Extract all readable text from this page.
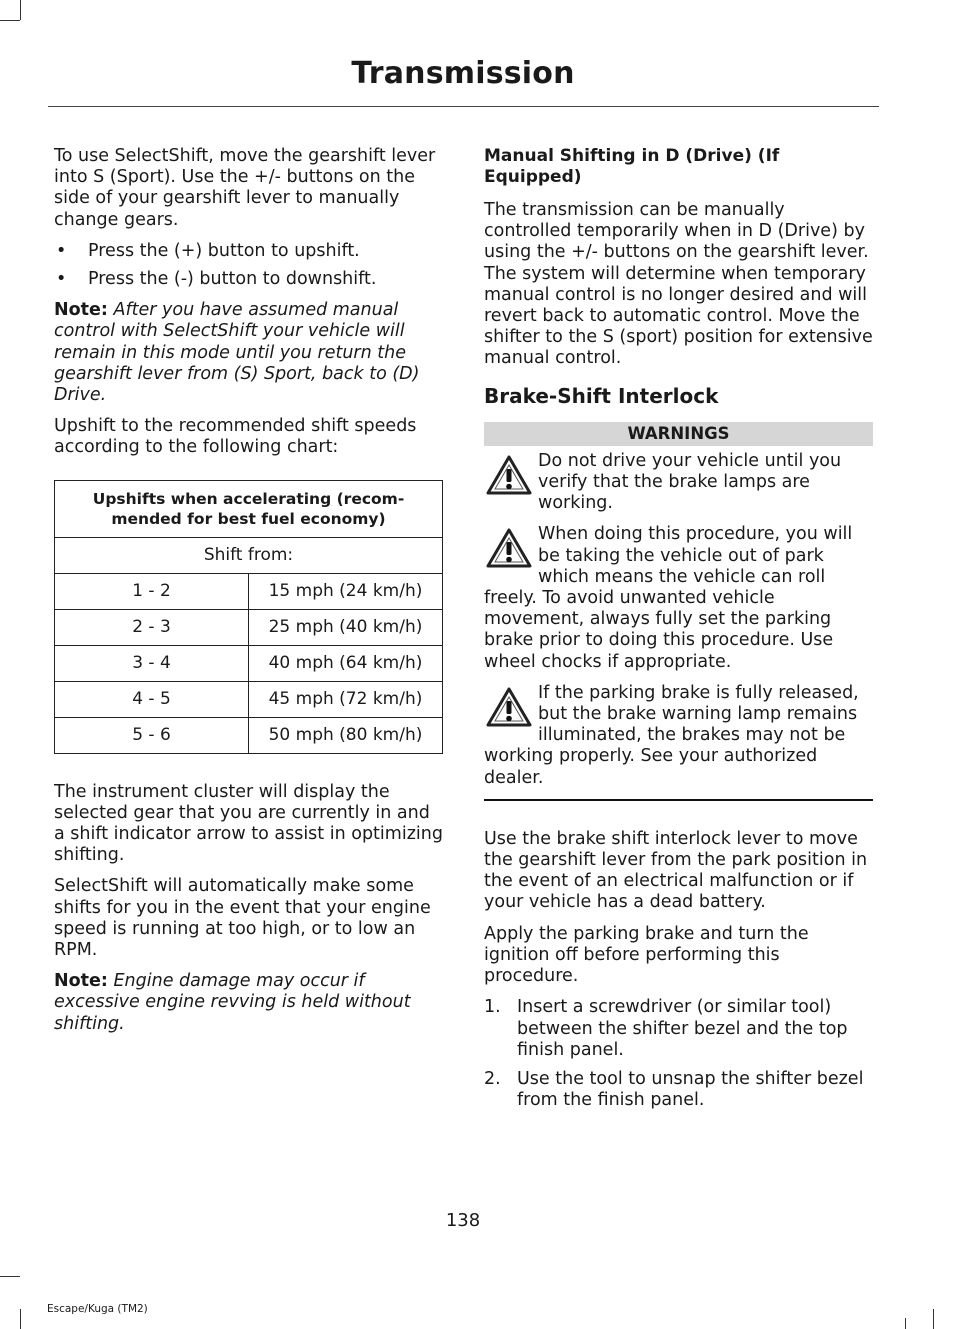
Transmission

To use SelectShift, move the gearshift lever into S (Sport). Use the +/- buttons on the side of your gearshift lever to manually change gears.

• Press the (+) button to upshift.
• Press the (-) button to downshift.

Note: After you have assumed manual control with SelectShift your vehicle will remain in this mode until you return the gearshift lever from (S) Sport, back to (D) Drive.

Upshift to the recommended shift speeds according to the following chart:

Upshifts when accelerating (recom-mended for best fuel economy)	
Shift from:	
1 - 2	15 mph (24 km/h)
2 - 3	25 mph (40 km/h)
3 - 4	40 mph (64 km/h)
4 - 5	45 mph (72 km/h)
5 - 6	50 mph (80 km/h)

The instrument cluster will display the selected gear that you are currently in and a shift indicator arrow to assist in optimizing shifting.

SelectShift will automatically make some shifts for you in the event that your engine speed is running at too high, or to low an RPM.

Note: Engine damage may occur if excessive engine revving is held without shifting.

Manual Shifting in D (Drive) (If Equipped)

The transmission can be manually controlled temporarily when in D (Drive) by using the +/- buttons on the gearshift lever. The system will determine when temporary manual control is no longer desired and will revert back to automatic control. Move the shifter to the S (sport) position for extensive manual control.

Brake-Shift Interlock
WARNINGS
Do not drive your vehicle until you verify that the brake lamps are working.
When doing this procedure, you will be taking the vehicle out of park which means the vehicle can roll freely. To avoid unwanted vehicle movement, always fully set the parking brake prior to doing this procedure. Use wheel chocks if appropriate.
If the parking brake is fully released, but the brake warning lamp remains illuminated, the brakes may not be working properly. See your authorized dealer.

Use the brake shift interlock lever to move the gearshift lever from the park position in the event of an electrical malfunction or if your vehicle has a dead battery.

Apply the parking brake and turn the ignition off before performing this procedure.

1. Insert a screwdriver (or similar tool) between the shifter bezel and the top finish panel.
2. Use the tool to unsnap the shifter bezel from the finish panel.
138
Escape/Kuga (TM2)
